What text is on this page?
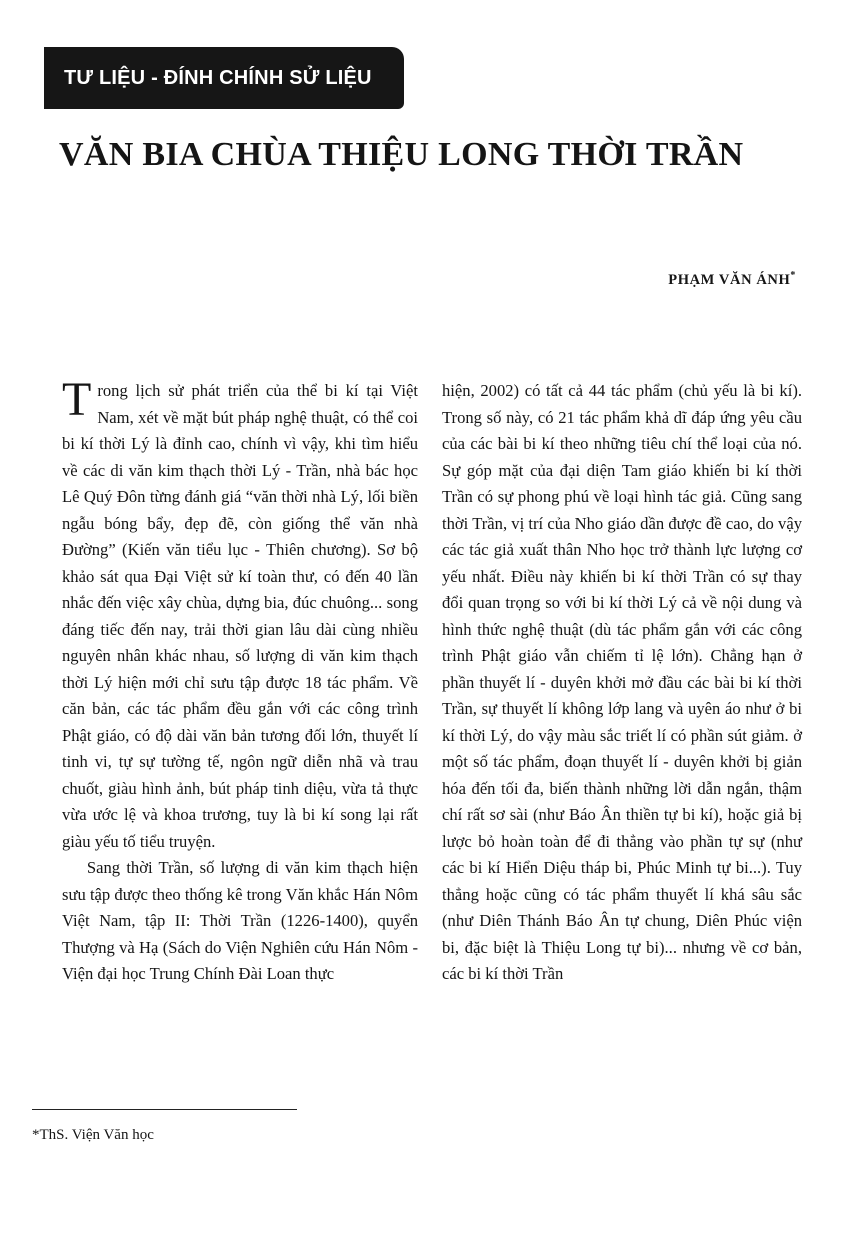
TƯ LIỆU - ĐÍNH CHÍNH SỬ LIỆU
VĂN BIA CHÙA THIỆU LONG THỜI TRẦN

PHẠM VĂN ÁNH*

Trong lịch sử phát triển của thể bi kí tại Việt Nam, xét về mặt bút pháp nghệ thuật, có thể coi bi kí thời Lý là đỉnh cao, chính vì vậy, khi tìm hiểu về các di văn kim thạch thời Lý - Trần, nhà bác học Lê Quý Đôn từng đánh giá “văn thời nhà Lý, lối biền ngẫu bóng bẩy, đẹp đẽ, còn giống thể văn nhà Đường” (Kiến văn tiểu lục - Thiên chương). Sơ bộ khảo sát qua Đại Việt sử kí toàn thư, có đến 40 lần nhắc đến việc xây chùa, dựng bia, đúc chuông... song đáng tiếc đến nay, trải thời gian lâu dài cùng nhiều nguyên nhân khác nhau, số lượng di văn kim thạch thời Lý hiện mới chỉ sưu tập được 18 tác phẩm. Về căn bản, các tác phẩm đều gắn với các công trình Phật giáo, có độ dài văn bản tương đối lớn, thuyết lí tinh vi, tự sự tường tế, ngôn ngữ diễn nhã và trau chuốt, giàu hình ảnh, bút pháp tinh diệu, vừa tả thực vừa ước lệ và khoa trương, tuy là bi kí song lại rất giàu yếu tố tiểu truyện.

Sang thời Trần, số lượng di văn kim thạch hiện sưu tập được theo thống kê trong Văn khắc Hán Nôm Việt Nam, tập II: Thời Trần (1226-1400), quyển Thượng và Hạ (Sách do Viện Nghiên cứu Hán Nôm - Viện đại học Trung Chính Đài Loan thực

hiện, 2002) có tất cả 44 tác phẩm (chủ yếu là bi kí). Trong số này, có 21 tác phẩm khả dĩ đáp ứng yêu cầu của các bài bi kí theo những tiêu chí thể loại của nó. Sự góp mặt của đại diện Tam giáo khiến bi kí thời Trần có sự phong phú về loại hình tác giả. Cũng sang thời Trần, vị trí của Nho giáo dần được đề cao, do vậy các tác giả xuất thân Nho học trở thành lực lượng cơ yếu nhất. Điều này khiến bi kí thời Trần có sự thay đổi quan trọng so với bi kí thời Lý cả về nội dung và hình thức nghệ thuật (dù tác phẩm gắn với các công trình Phật giáo vẫn chiếm tỉ lệ lớn). Chẳng hạn ở phần thuyết lí - duyên khởi mở đầu các bài bi kí thời Trần, sự thuyết lí không lớp lang và uyên áo như ở bi kí thời Lý, do vậy màu sắc triết lí có phần sút giảm. ở một số tác phẩm, đoạn thuyết lí - duyên khởi bị giản hóa đến tối đa, biến thành những lời dẫn ngắn, thậm chí rất sơ sài (như Báo Ân thiền tự bi kí), hoặc giả bị lược bỏ hoàn toàn để đi thẳng vào phần tự sự (như các bi kí Hiển Diệu tháp bi, Phúc Minh tự bi...). Tuy thẳng hoặc cũng có tác phẩm thuyết lí khá sâu sắc (như Diên Thánh Báo Ân tự chung, Diên Phúc viện bi, đặc biệt là Thiệu Long tự bi)... nhưng về cơ bản, các bi kí thời Trần

*ThS. Viện Văn học
